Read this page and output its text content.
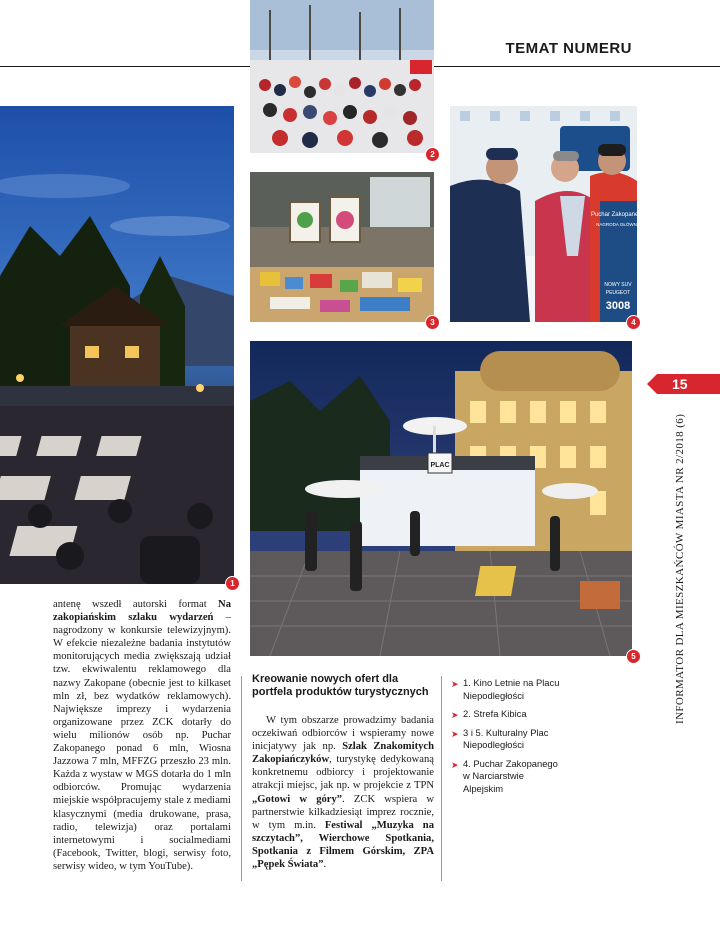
TEMAT NUMERU
1
2
3
Puchar Zakopanego
NAGRODA GŁÓWNA
NOWY SUV
PEUGEOT
3008
4
PLAC
5
15
INFORMATOR DLA MIESZKAŃCÓW MIASTA NR 2/2018 (6)
antenę wszedł autorski format Na zakopiańskim szlaku wydarzeń – nagrodzony w konkursie telewizyjnym). W efekcie niezależne badania instytutów monitorujących media zwiększają udział tzw. ekwiwalentu reklamowego dla nazwy Zakopane (obecnie jest to kilkaset mln zł, bez wydatków reklamowych). Największe imprezy i wydarzenia organizowane przez ZCK dotarły do wielu milionów osób np. Puchar Zakopanego ponad 6 mln, Wiosna Jazzowa 7 mln, MFFZG przeszło 23 mln. Każda z wystaw w MGS dotarła do 1 mln odbiorców. Promując wydarzenia miejskie współpracujemy stale z mediami klasycznymi (media drukowane, prasa, radio, telewizja) oraz portalami internetowymi i socialmediami (Facebook, Twitter, blogi, serwisy foto, serwisy wideo, w tym YouTube).
Kreowanie nowych ofert dla portfela produktów turystycznych
W tym obszarze prowadzimy badania oczekiwań odbiorców i wspieramy nowe inicjatywy jak np. Szlak Znakomitych Zakopiańczyków, turystykę dedykowaną konkretnemu odbiorcy i projektowanie atrakcji miejsc, jak np. w projekcie z TPN „Gotowi w góry”. ZCK wspiera w partnerstwie kilkadziesiąt imprez rocznie, w tym m.in. Festiwal „Muzyka na szczytach”, Wierchowe Spotkania, Spotkania z Filmem Górskim, ZPA „Pępek Świata”.
➤ 1. Kino Letnie na Placu Niepodległości
➤ 2. Strefa Kibica
➤ 3 i 5. Kulturalny Plac Niepodległości
➤ 4. Puchar Zakopanego w Narciarstwie Alpejskim
